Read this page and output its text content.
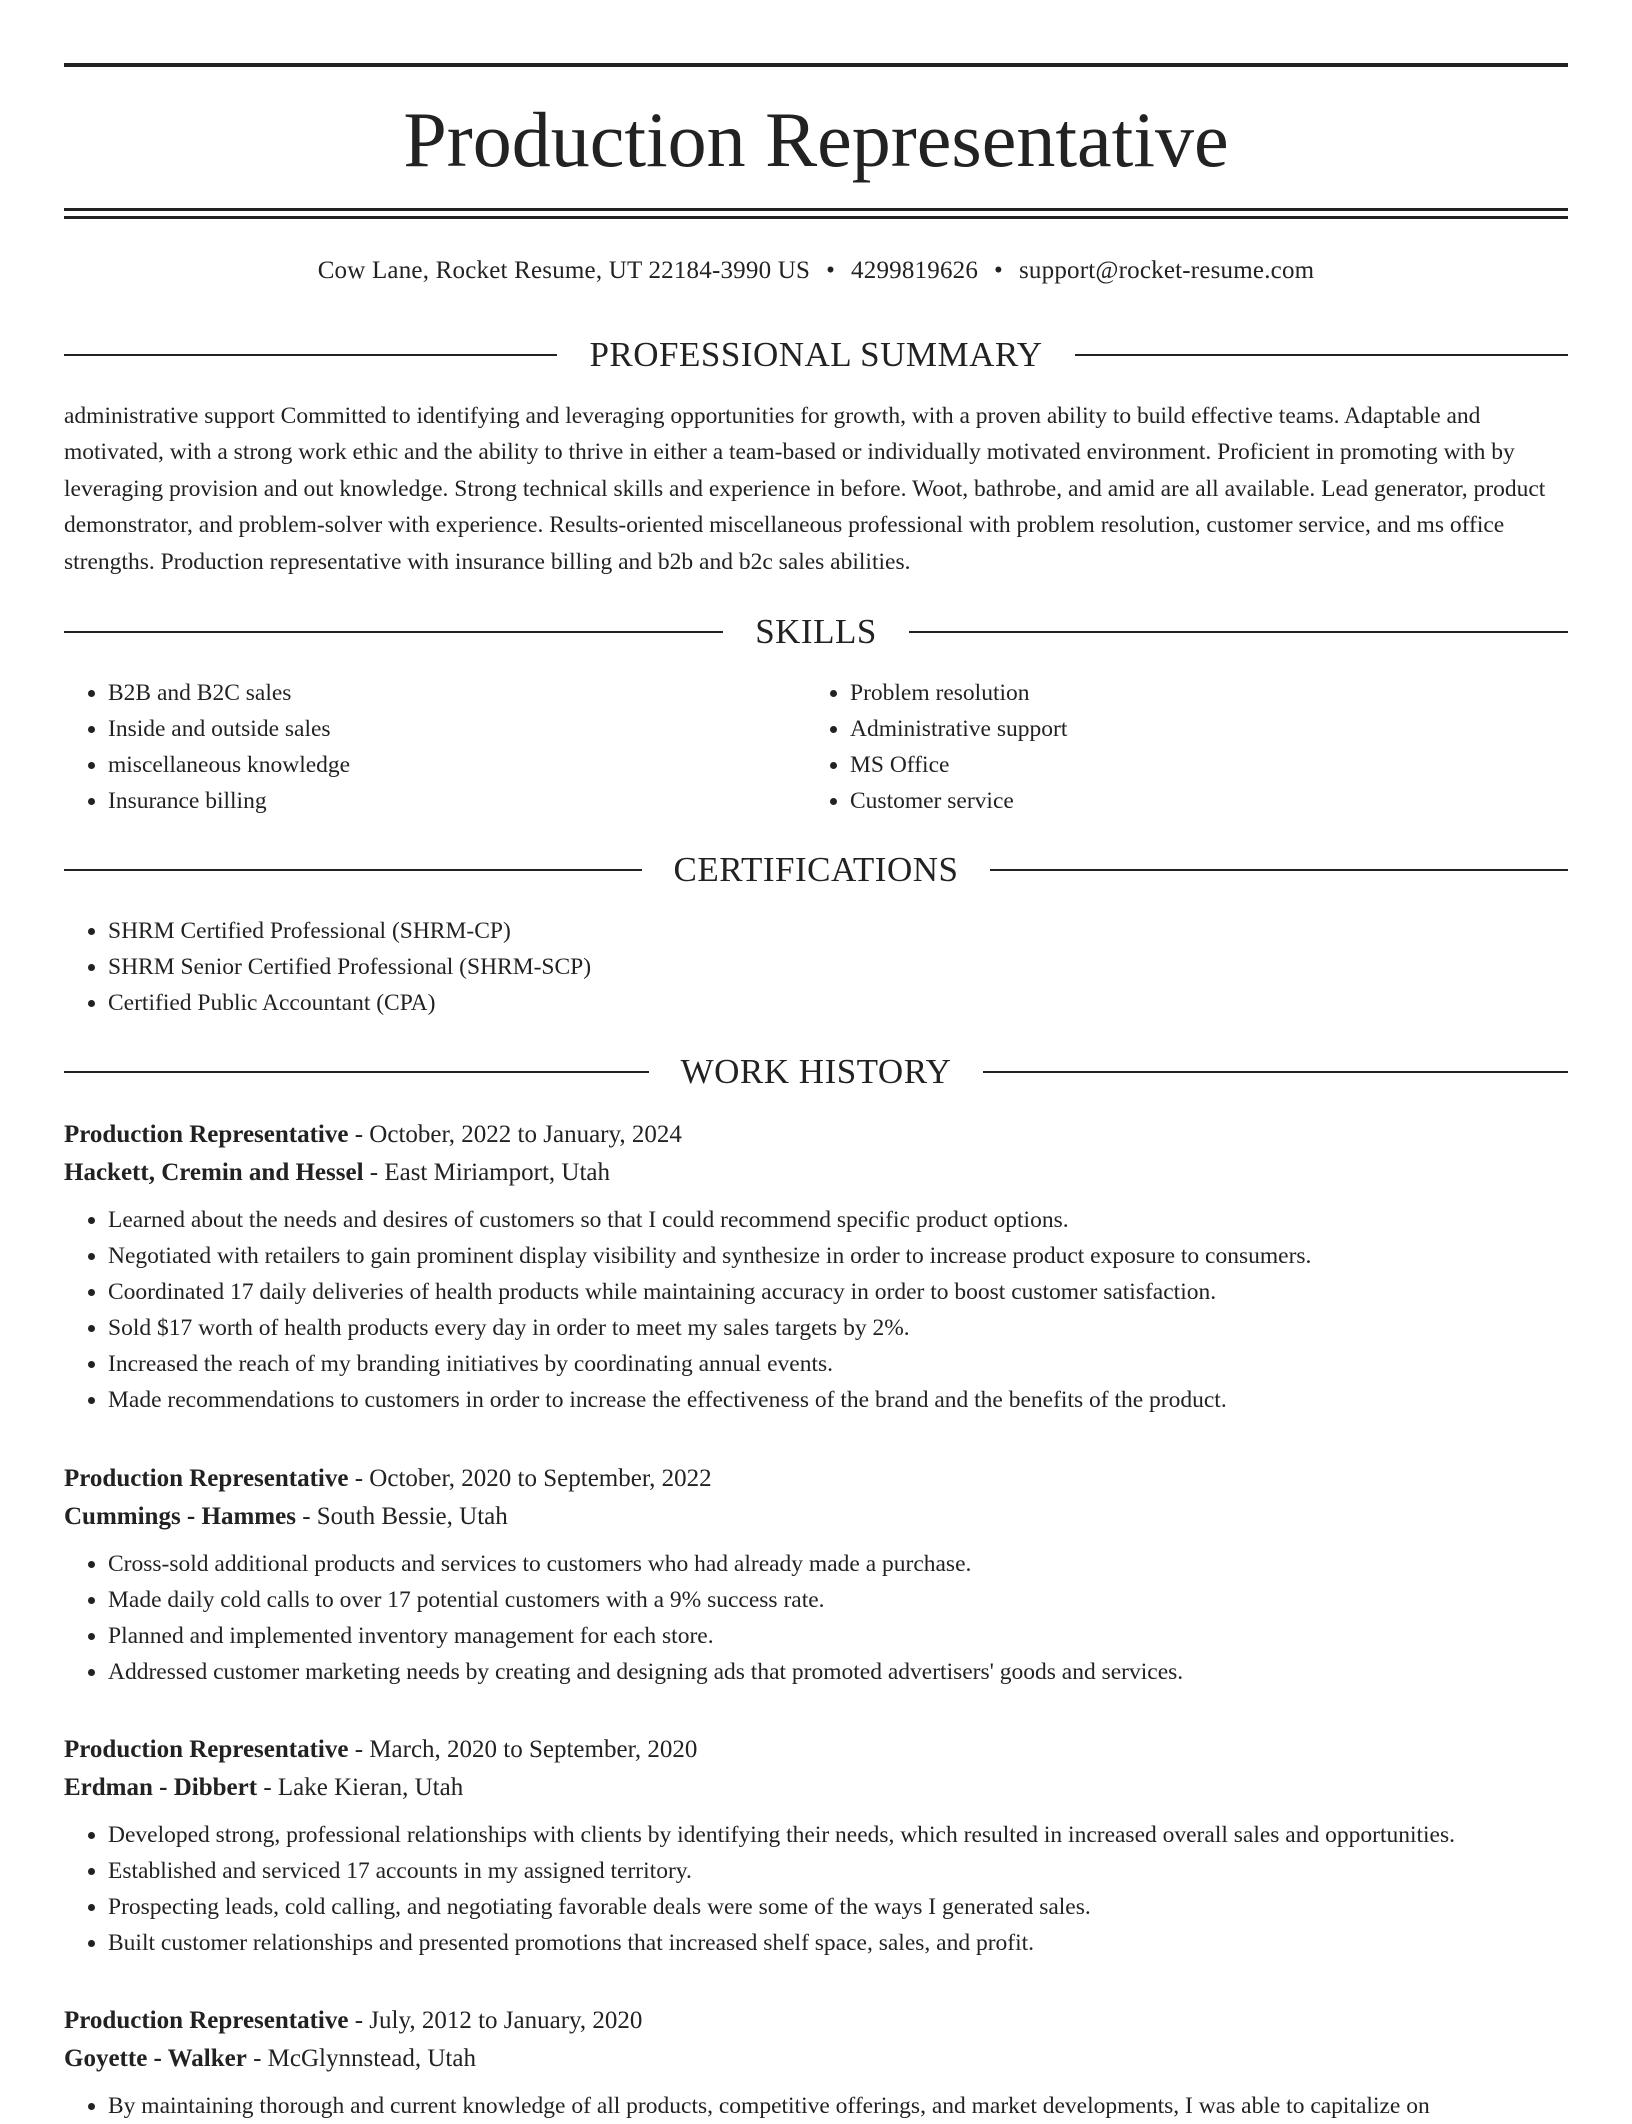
Production Representative
Cow Lane, Rocket Resume, UT 22184-3990 US • 4299819626 • support@rocket-resume.com
PROFESSIONAL SUMMARY

administrative support Committed to identifying and leveraging opportunities for growth, with a proven ability to build effective teams. Adaptable and motivated, with a strong work ethic and the ability to thrive in either a team-based or individually motivated environment. Proficient in promoting with by leveraging provision and out knowledge. Strong technical skills and experience in before. Woot, bathrobe, and amid are all available. Lead generator, product demonstrator, and problem-solver with experience. Results-oriented miscellaneous professional with problem resolution, customer service, and ms office strengths. Production representative with insurance billing and b2b and b2c sales abilities.

SKILLS
• B2B and B2C sales
• Inside and outside sales
• miscellaneous knowledge
• Insurance billing
• Problem resolution
• Administrative support
• MS Office
• Customer service
CERTIFICATIONS
• SHRM Certified Professional (SHRM-CP)
• SHRM Senior Certified Professional (SHRM-SCP)
• Certified Public Accountant (CPA)
WORK HISTORY
Production Representative - October, 2022 to January, 2024
Hackett, Cremin and Hessel - East Miriamport, Utah
• Learned about the needs and desires of customers so that I could recommend specific product options.
• Negotiated with retailers to gain prominent display visibility and synthesize in order to increase product exposure to consumers.
• Coordinated 17 daily deliveries of health products while maintaining accuracy in order to boost customer satisfaction.
• Sold $17 worth of health products every day in order to meet my sales targets by 2%.
• Increased the reach of my branding initiatives by coordinating annual events.
• Made recommendations to customers in order to increase the effectiveness of the brand and the benefits of the product.
Production Representative - October, 2020 to September, 2022
Cummings - Hammes - South Bessie, Utah
• Cross-sold additional products and services to customers who had already made a purchase.
• Made daily cold calls to over 17 potential customers with a 9% success rate.
• Planned and implemented inventory management for each store.
• Addressed customer marketing needs by creating and designing ads that promoted advertisers' goods and services.
Production Representative - March, 2020 to September, 2020
Erdman - Dibbert - Lake Kieran, Utah
• Developed strong, professional relationships with clients by identifying their needs, which resulted in increased overall sales and opportunities.
• Established and serviced 17 accounts in my assigned territory.
• Prospecting leads, cold calling, and negotiating favorable deals were some of the ways I generated sales.
• Built customer relationships and presented promotions that increased shelf space, sales, and profit.
Production Representative - July, 2012 to January, 2020
Goyette - Walker - McGlynnstead, Utah
• By maintaining thorough and current knowledge of all products, competitive offerings, and market developments, I was able to capitalize on
